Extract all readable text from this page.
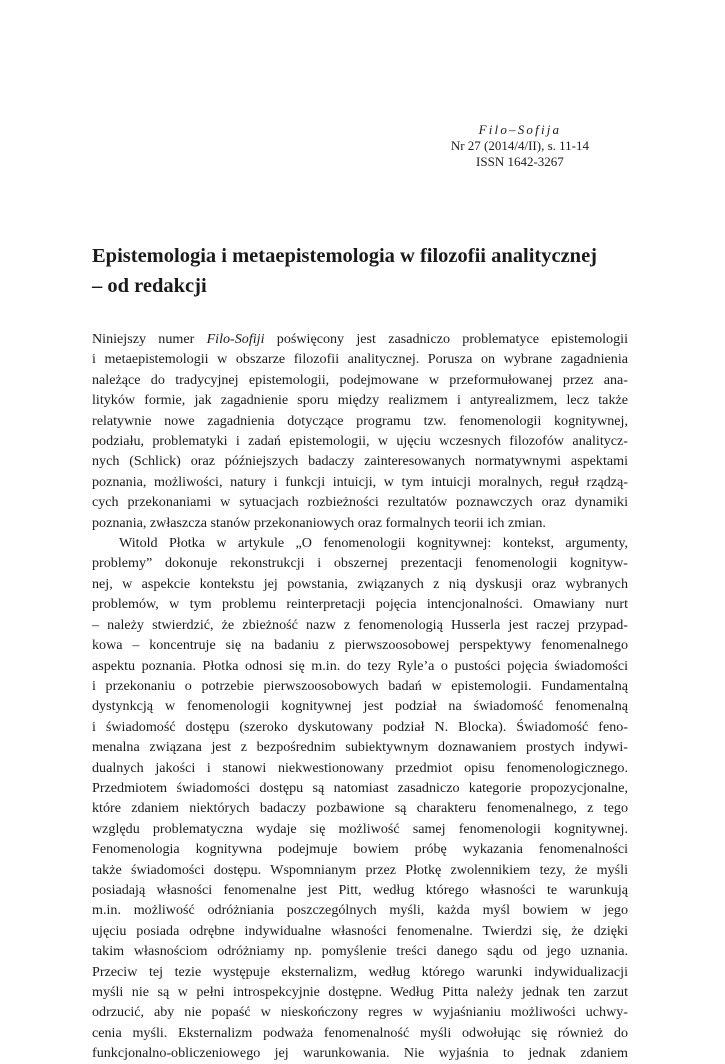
Filo–Sofija
Nr 27 (2014/4/II), s. 11-14
ISSN 1642-3267
Epistemologia i metaepistemologia w filozofii analitycznej
– od redakcji
Niniejszy numer Filo-Sofiji poświęcony jest zasadniczo problematyce epistemologii
i metaepistemologii w obszarze filozofii analitycznej. Porusza on wybrane zagadnienia
należące do tradycyjnej epistemologii, podejmowane w przeformułowanej przez ana-
lityków formie, jak zagadnienie sporu między realizmem i antyrealizmem, lecz także
relatywnie nowe zagadnienia dotyczące programu tzw. fenomenologii kognitywnej,
podziału, problematyki i zadań epistemologii, w ujęciu wczesnych filozofów analitycz-
nych (Schlick) oraz późniejszych badaczy zainteresowanych normatywnymi aspektami
poznania, możliwości, natury i funkcji intuicji, w tym intuicji moralnych, reguł rządzą-
cych przekonaniami w sytuacjach rozbieżności rezultatów poznawczych oraz dynamiki
poznania, zwłaszcza stanów przekonaniowych oraz formalnych teorii ich zmian.
Witold Płotka w artykule „O fenomenologii kognitywnej: kontekst, argumenty,
problemy” dokonuje rekonstrukcji i obszernej prezentacji fenomenologii kognityw-
nej, w aspekcie kontekstu jej powstania, związanych z nią dyskusji oraz wybranych
problemów, w tym problemu reinterpretacji pojęcia intencjonalności. Omawiany nurt
– należy stwierdzić, że zbieżność nazw z fenomenologią Husserla jest raczej przypad-
kowa – koncentruje się na badaniu z pierwszoosobowej perspektywy fenomenalnego
aspektu poznania. Płotka odnosi się m.in. do tezy Ryle’a o pustości pojęcia świadomości
i przekonaniu o potrzebie pierwszoosobowych badań w epistemologii. Fundamentalną
dystynkcją w fenomenologii kognitywnej jest podział na świadomość fenomenalną
i świadomość dostępu (szeroko dyskutowany podział N. Blocka). Świadomość feno-
menalna związana jest z bezpośrednim subiektywnym doznawaniem prostych indywi-
dualnych jakości i stanowi niekwestionowany przedmiot opisu fenomenologicznego.
Przedmiotem świadomości dostępu są natomiast zasadniczo kategorie propozycjonalne,
które zdaniem niektórych badaczy pozbawione są charakteru fenomenalnego, z tego
względu problematyczna wydaje się możliwość samej fenomenologii kognitywnej.
Fenomenologia kognitywna podejmuje bowiem próbę wykazania fenomenalności
także świadomości dostępu. Wspomnianym przez Płotkę zwolennikiem tezy, że myśli
posiadają własności fenomenalne jest Pitt, według którego własności te warunkują
m.in. możliwość odróżniania poszczególnych myśli, każda myśl bowiem w jego
ujęciu posiada odrębne indywidualne własności fenomenalne. Twierdzi się, że dzięki
takim własnościom odróżniamy np. pomyślenie treści danego sądu od jego uznania.
Przeciw tej tezie występuje eksternalizm, według którego warunki indywidualizacji
myśli nie są w pełni introspekcyjnie dostępne. Według Pitta należy jednak ten zarzut
odrzucić, aby nie popaść w nieskończony regres w wyjaśnianiu możliwości uchwy-
cenia myśli. Eksternalizm podważa fenomenalność myśli odwołując się również do
funkcjonalno-obliczeniowego jej warunkowania. Nie wyjaśnia to jednak zdaniem
